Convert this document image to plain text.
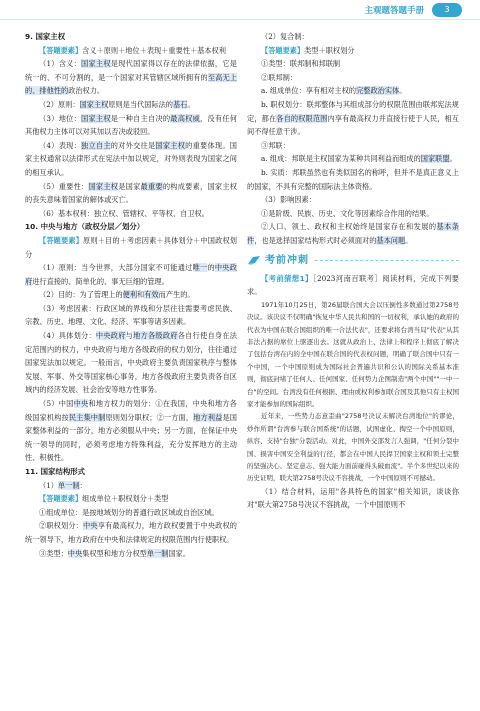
主观题答题手册	3

9. 国家主权

【答题要素】含义＋原则＋地位＋表现＋重要性＋基本权利

（1）含义：国家主权是现代国家得以存在的法律依据，它是统一的、不可分割的，是一个国家对其管辖区域所拥有的至高无上的、排他性的政治权力。

（2）原则：国家主权原则是当代国际法的基石。

（3）地位：国家主权是一种自主自决的最高权威，没有任何其他权力主体可以对其加以否决或驳回。

（4）表现：独立自主的对外交往是国家主权的重要体现。国家主权通常以法律形式在宪法中加以规定，对外则表现为国家之间的相互承认。

（5）重要性：国家主权是国家最重要的构成要素，国家主权的丧失意味着国家的解体或灭亡。

（6）基本权利：独立权、管辖权、平等权、自卫权。

10. 中央与地方（政权分层／划分）

【答题要素】原则＋目的＋考虑因素＋具体划分＋中国政权划分

（1）原则：当今世界，大部分国家不可能通过唯一的中央政府进行直接的、简单化的、事无巨细的管理。

（2）目的：为了管理上的便利和有效而产生的。

（3）考虑因素：行政区域的界线和分层往往需要考虑民族、宗教、历史、地理、文化、经济、军事等诸多因素。

（4）具体划分：中央政府与地方各级政府各自行使自身在法定范围内的权力，中央政府与地方各级政府的权力划分，往往通过国家宪法加以规定。一般而言，中央政府主要负责国家秩序与整体发展、军事、外交等国家核心事务，地方各级政府主要负责各自区域内的经济发展、社会治安等地方性事务。

（5）中国中央和地方权力的划分：①在我国，中央和地方各级国家机构按民主集中制原则划分职权；②一方面，地方利益是国家整体利益的一部分，地方必须服从中央；另一方面，在保证中央统一领导的同时，必须考虑地方特殊利益，充分发挥地方的主动性、积极性。

11. 国家结构形式

（1）单一制：

【答题要素】组成单位＋职权划分＋类型

①组成单位：是按地域划分的普通行政区域或自治区域。

②职权划分：中央享有最高权力，地方政权要置于中央政权的统一领导下，地方政府在中央和法律规定的权限范围内行使职权。

③类型：中央集权型和地方分权型单一制国家。

（2）复合制：

【答题要素】类型＋职权划分

①类型：联邦制和邦联制

②联邦制：

a. 组成单位：享有相对主权的完整政治实体。

b. 职权划分：联邦整体与其组成部分的权限范围由联邦宪法规定，都在各自的权限范围内享有最高权力并直接行使于人民，相互间不得任意干涉。

③邦联：

a. 组成：邦联是主权国家为某种共同利益而组成的国家联盟。

b. 实质：邦联虽然也有类似国名的称呼，但并不是真正意义上的国家，不具有完整的国际法主体资格。

（3）影响因素：

①是阶级、民族、历史、文化等因素综合作用的结果。

②人口、领土、政权和主权始终是国家存在和发展的基本条件，也是选择国家结构形式时必须面对的基本问题。

考前冲刺

【考前猜想1】［2023河南百联考］阅读材料，完成下列要求。

1971年10月25日，第26届联合国大会以压倒性多数通过第2758号决议。该决议不仅明确"恢复中华人民共和国的一切权利，承认她的政府的代表为中国在联合国组织的唯一合法代表"，还要求将台湾当局"代表"从其非法占据的席位上驱逐出去。这就从政治上、法律上和程序上彻底了解决了包括台湾在内的全中国在联合国的代表权问题，明确了联合国中只有一个中国，一个中国原则成为国际社会普遍共识和公认的国际关系基本准则，彻底封堵了任何人、任何国家、任何势力企图制造"两个中国""一中一台"的空间。台湾没有任何根据、理由或权利参加联合国及其他只有主权国家才能参加的国际组织。

近年来，一些势力态意歪曲"2758号决议未解决台湾地位"的谬论，炒作所谓"台湾参与联合国系统"的话题，试图虚化、掏空一个中国原则，纵容、支持"台独"分裂活动。对此，中国外交部发言人强调，"任何分裂中国、损害中国安全利益的行径，都会在中国人民捍卫国家主权和领土完整的坚强决心、坚定意志、强大能力面前碰得头破血流"。半个多世纪以来的历史证明，联大第2758号决议不容挑战，一个中国原则不可撼动。

（1）结合材料，运用"各具特色的国家"相关知识，谈谈你对"联大第2758号决议不容挑战，一个中国原则不
